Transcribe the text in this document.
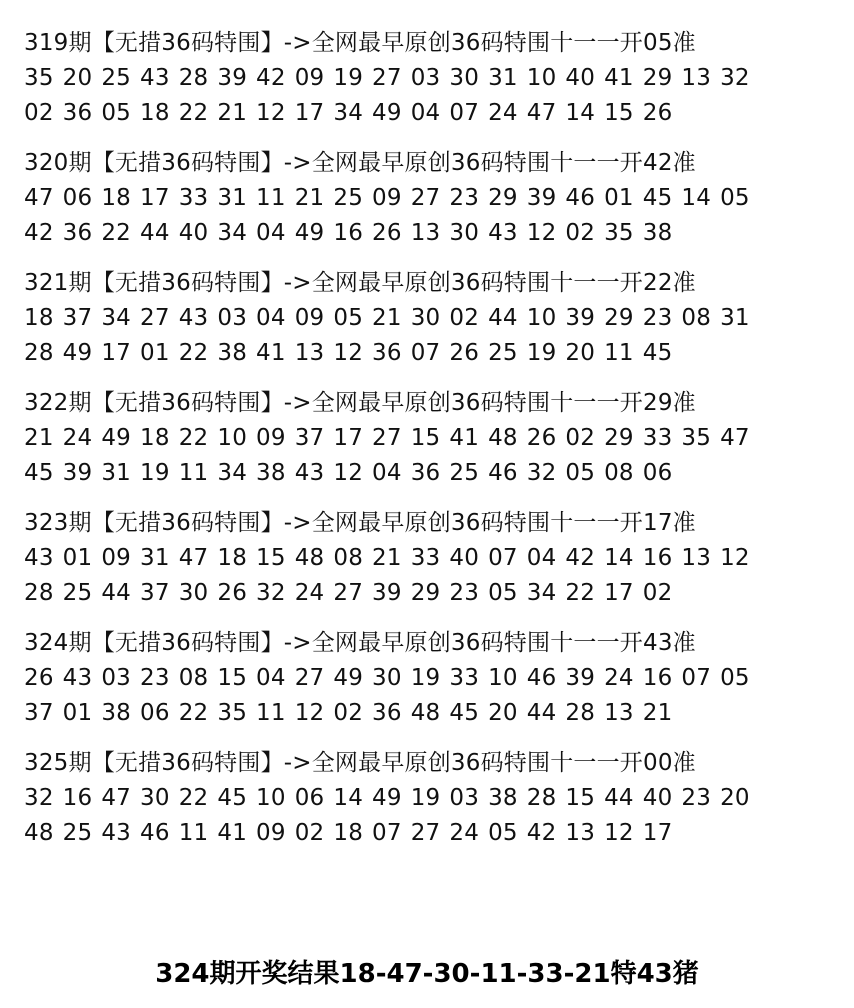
319期【无措36码特围】->全网最早原创36码特围十一一开05准
35 20 25 43 28 39 42 09 19 27 03 30 31 10 40 41 29 13 32
02 36 05 18 22 21 12 17 34 49 04 07 24 47 14 15 26
320期【无措36码特围】->全网最早原创36码特围十一一开42准
47 06 18 17 33 31 11 21 25 09 27 23 29 39 46 01 45 14 05
42 36 22 44 40 34 04 49 16 26 13 30 43 12 02 35 38
321期【无措36码特围】->全网最早原创36码特围十一一开22准
18 37 34 27 43 03 04 09 05 21 30 02 44 10 39 29 23 08 31
28 49 17 01 22 38 41 13 12 36 07 26 25 19 20 11 45
322期【无措36码特围】->全网最早原创36码特围十一一开29准
21 24 49 18 22 10 09 37 17 27 15 41 48 26 02 29 33 35 47
45 39 31 19 11 34 38 43 12 04 36 25 46 32 05 08 06
323期【无措36码特围】->全网最早原创36码特围十一一开17准
43 01 09 31 47 18 15 48 08 21 33 40 07 04 42 14 16 13 12
28 25 44 37 30 26 32 24 27 39 29 23 05 34 22 17 02
324期【无措36码特围】->全网最早原创36码特围十一一开43准
26 43 03 23 08 15 04 27 49 30 19 33 10 46 39 24 16 07 05
37 01 38 06 22 35 11 12 02 36 48 45 20 44 28 13 21
325期【无措36码特围】->全网最早原创36码特围十一一开00准
32 16 47 30 22 45 10 06 14 49 19 03 38 28 15 44 40 23 20
48 25 43 46 11 41 09 02 18 07 27 24 05 42 13 12 17
324期开奖结果18-47-30-11-33-21特43猪
